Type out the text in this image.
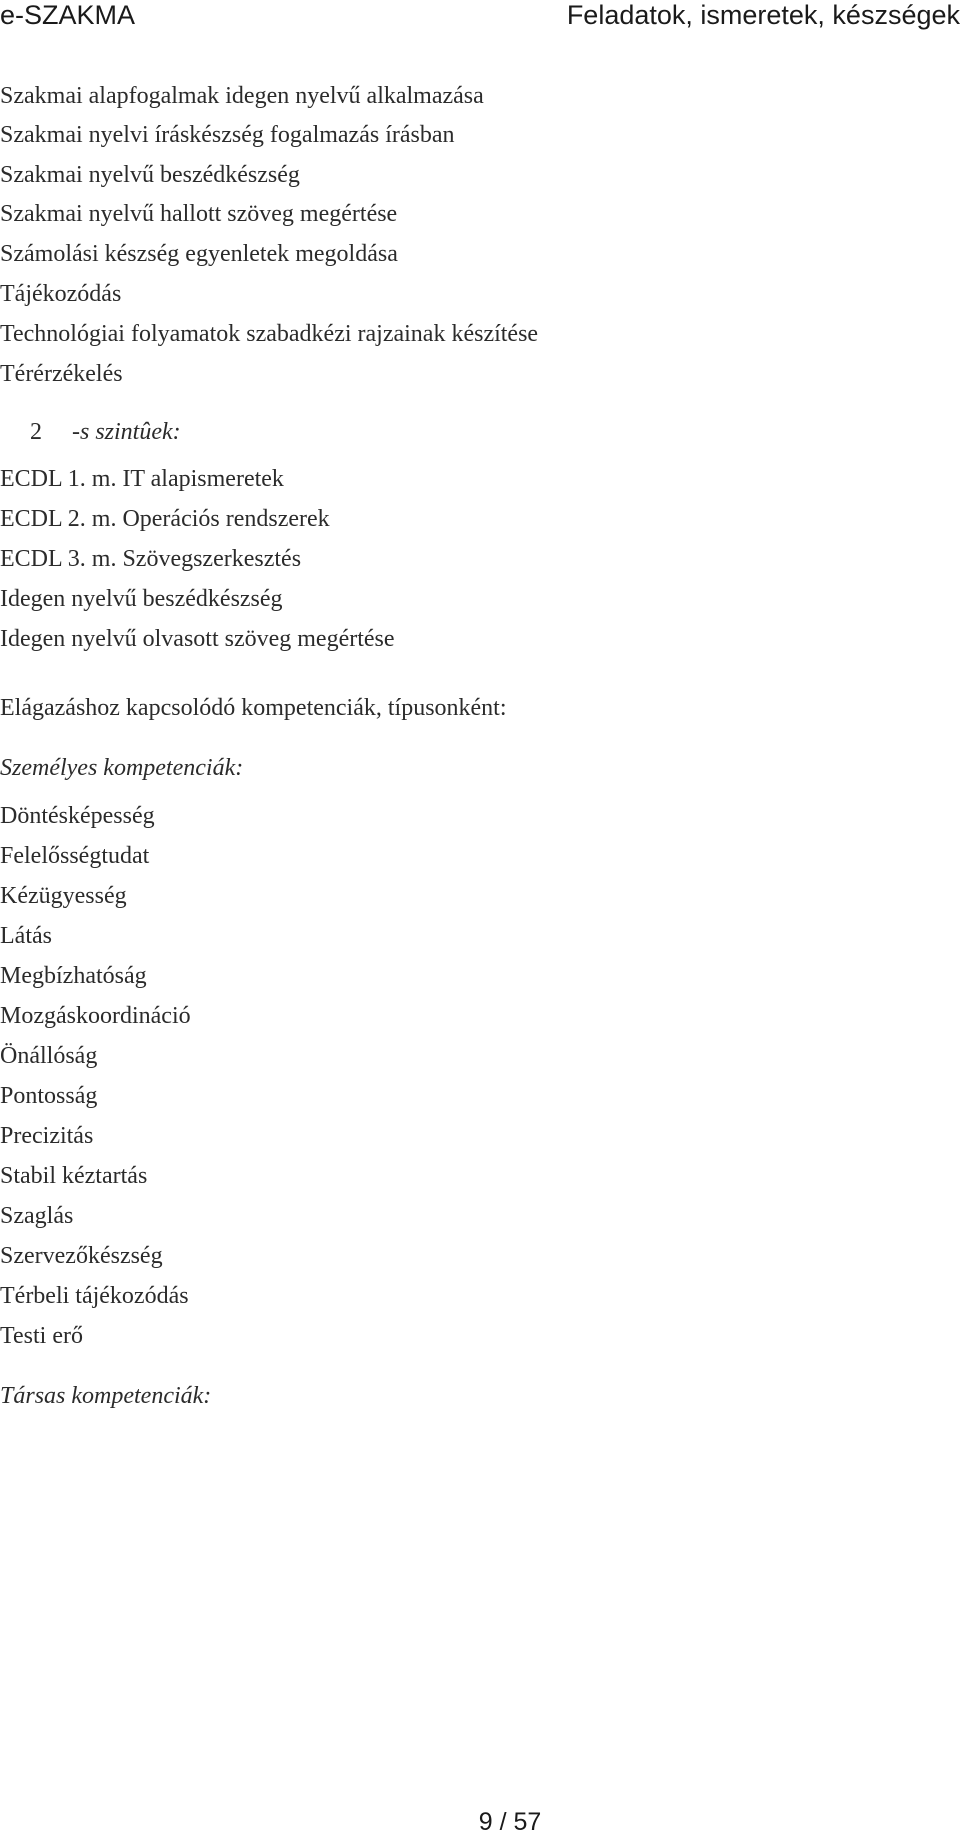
e-SZAKMA	Feladatok, ismeretek, készségek
Szakmai alapfogalmak idegen nyelvű alkalmazása
Szakmai nyelvi íráskészség fogalmazás írásban
Szakmai nyelvű beszédkészség
Szakmai nyelvű hallott szöveg megértése
Számolási készség egyenletek megoldása
Tájékozódás
Technológiai folyamatok szabadkézi rajzainak készítése
Térérzékelés
2 -s szintûek:
ECDL 1. m. IT alapismeretek
ECDL 2. m. Operációs rendszerek
ECDL 3. m. Szövegszerkesztés
Idegen nyelvű beszédkészség
Idegen nyelvű olvasott szöveg megértése
Elágazáshoz kapcsolódó kompetenciák, típusonként:
Személyes kompetenciák:
Döntésképesség
Felelősségtudat
Kézügyesség
Látás
Megbízhatóság
Mozgáskoordináció
Önállóság
Pontosság
Precizitás
Stabil kéztartás
Szaglás
Szervezőkészség
Térbeli tájékozódás
Testi erő
Társas kompetenciák:
9 / 57
